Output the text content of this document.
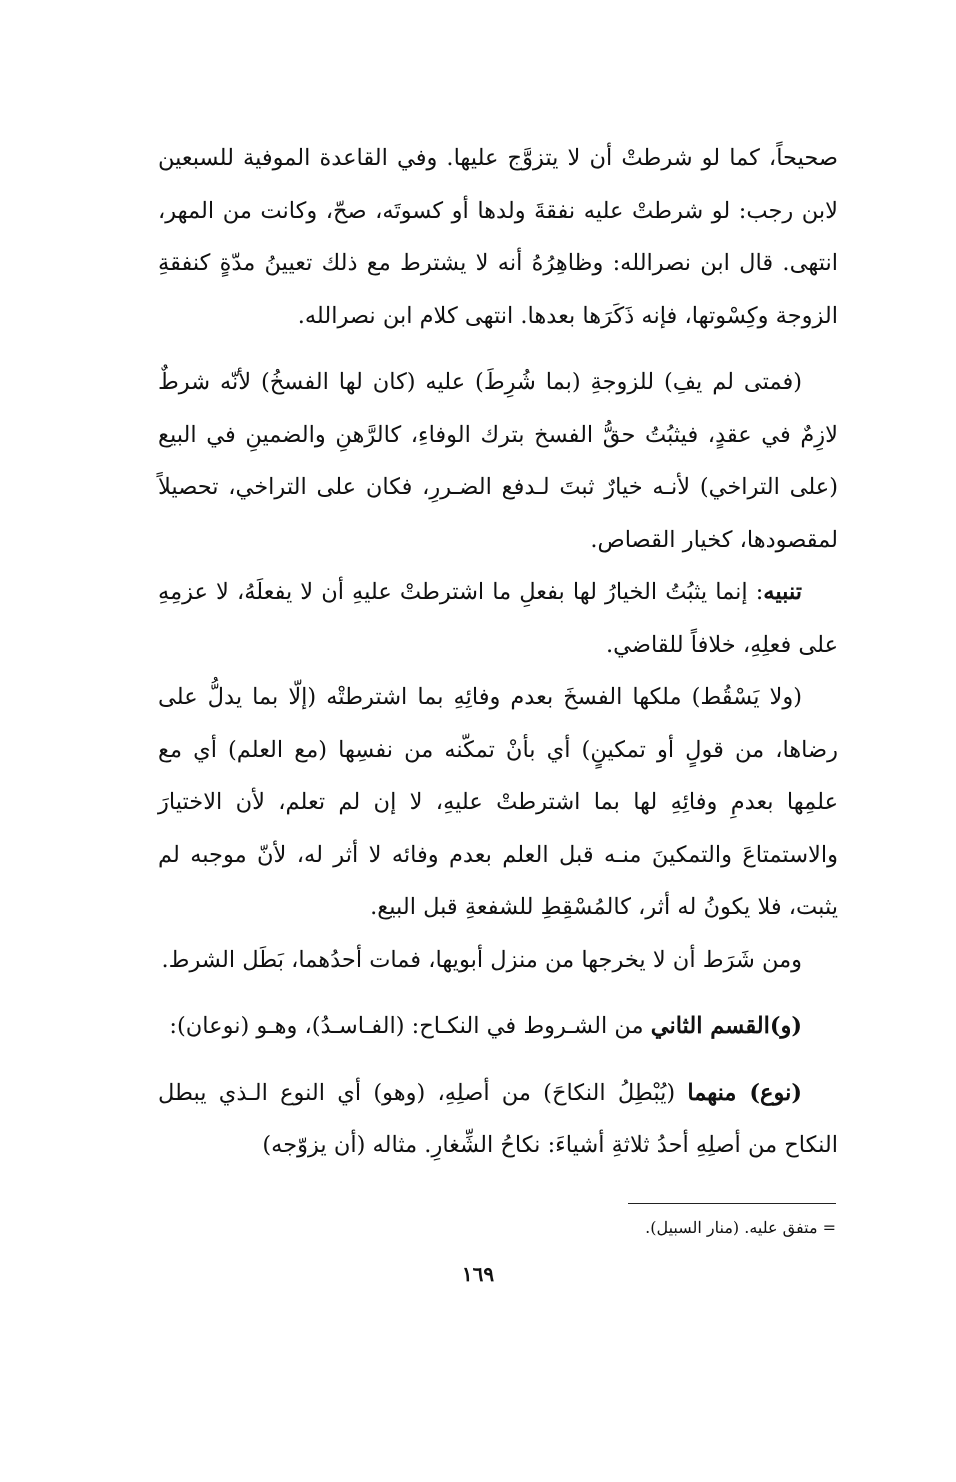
صحيحاً، كما لو شرطتْ أن لا يتزوَّج عليها. وفي القاعدة الموفية للسبعين لابن رجب: لو شرطتْ عليه نفقةَ ولدها أو كسوتَه، صحّ، وكانت من المهر، انتهى. قال ابن نصرالله: وظاهِرُهُ أنه لا يشترط مع ذلك تعيينُ مدّةٍ كنفقةِ الزوجة وكِسْوتها، فإنه ذَكَرَها بعدها. انتهى كلام ابن نصرالله.

(فمتى لم يفِ) للزوجةِ (بما شُرِطَ) عليه (كان لها الفسخُ) لأنّه شرطٌ لازِمٌ في عقدٍ، فيثبُتُ حقُّ الفسخ بترك الوفاءِ، كالرَّهنِ والضمينِ في البيع (على التراخي) لأنـه خيارٌ ثبتَ لـدفع الضـررِ، فكان على التراخي، تحصيلاً لمقصودها، كخيار القصاص.

تنبيه: إنما يثبُتُ الخيارُ لها بفعلِ ما اشترطتْ عليهِ أن لا يفعلَهُ، لا عزمِهِ على فعلِهِ، خلافاً للقاضي.

(ولا يَسْقُط) ملكها الفسخَ بعدم وفائِهِ بما اشترطتْه (إلّا بما يدلُّ على رضاها، من قولٍ أو تمكينٍ) أي بأنْ تمكّنه من نفسِها (مع العلم) أي مع علمِها بعدمِ وفائِهِ لها بما اشترطتْ عليهِ، لا إن لم تعلم، لأن الاختيارَ والاستمتاعَ والتمكينَ منـه قبل العلم بعدم وفائه لا أثر له، لأنّ موجبه لم يثبت، فلا يكونُ له أثر، كالمُسْقِطِ للشفعةِ قبل البيع.

ومن شَرَط أن لا يخرجها من منزل أبويها، فمات أحدُهما، بَطَل الشرط.

(و)القسم الثاني من الشـروط في النكـاح: (الفـاسـدُ)، وهـو (نوعان):

(نوع) منهما (يُبْطِلُ النكاحَ) من أصلِهِ، (وهو) أي النوع الـذي يبطل النكاح من أصلِهِ أحدُ ثلاثةِ أشياءَ: نكاحُ الشِّغارِ. مثاله (أن يزوّجه)

= متفق عليه. (منار السبيل).
١٦٩
